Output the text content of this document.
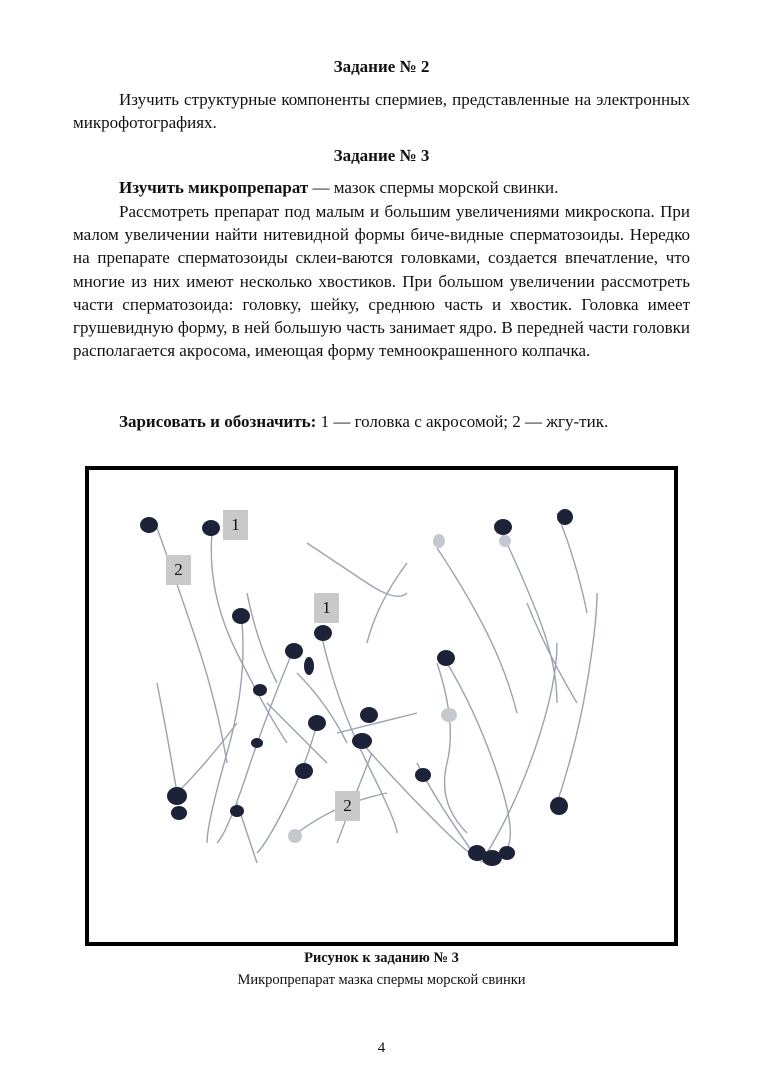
Задание № 2

Изучить структурные компоненты спермиев, представленные на электронных микрофотографиях.

Задание № 3

Изучить микропрепарат — мазок спермы морской свинки.

Рассмотреть препарат под малым и большим увеличениями микроскопа. При малом увеличении найти нитевидной формы биче-видные сперматозоиды. Нередко на препарате сперматозоиды склеи-ваются головками, создается впечатление, что многие из них имеют несколько хвостиков. При большом увеличении рассмотреть части сперматозоида: головку, шейку, среднюю часть и хвостик. Головка имеет грушевидную форму, в ней большую часть занимает ядро. В передней части головки располагается акросома, имеющая форму темноокрашенного колпачка.

Зарисовать и обозначить: 1 — головка с акросомой; 2 — жгу-тик.

1
2
1
2
Рисунок к заданию № 3
Микропрепарат мазка спермы морской свинки
4
